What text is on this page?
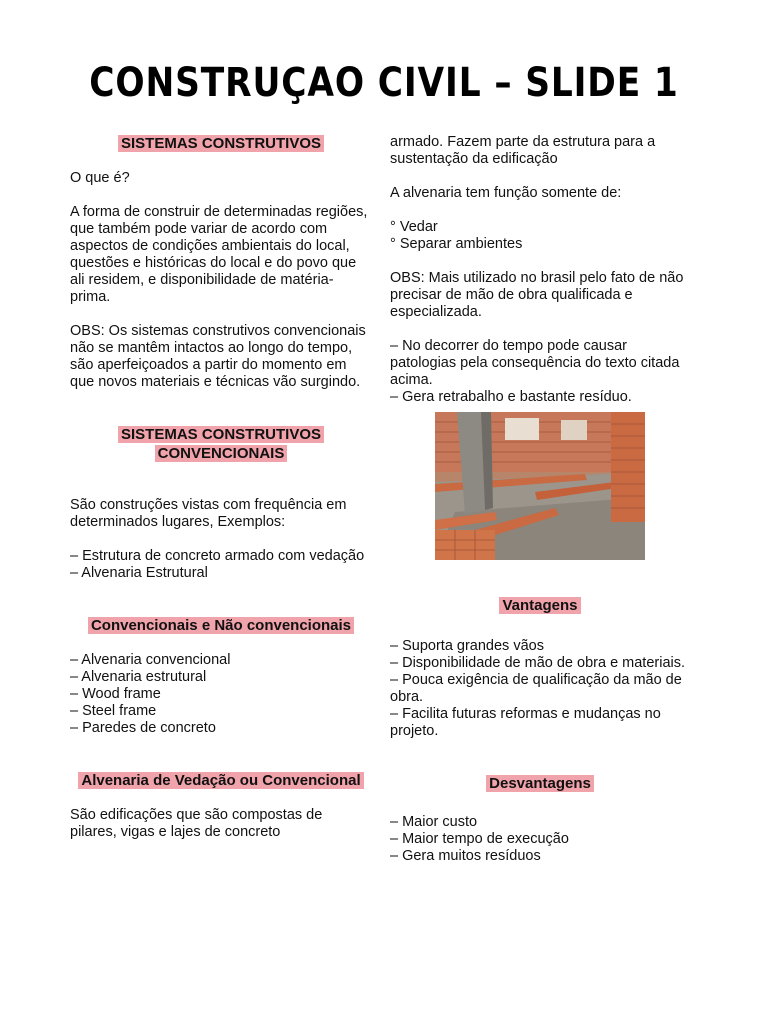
CONSTRUÇAO CIVIL – SLIDE 1
SISTEMAS CONSTRUTIVOS

O que é?

A forma de construir de determinadas regiões, que também pode variar de acordo com aspectos de condições ambientais do local, questões e históricas do local e do povo que ali residem, e disponibilidade de matéria-prima.

OBS: Os sistemas construtivos convencionais não se mantêm intactos ao longo do tempo, são aperfeiçoados a partir do momento em que novos materiais e técnicas vão surgindo.

SISTEMAS CONSTRUTIVOS CONVENCIONAIS

São construções vistas com frequência em determinados lugares, Exemplos:

– Estrutura de concreto armado com vedação

– Alvenaria Estrutural

Convencionais e Não convencionais

– Alvenaria convencional

– Alvenaria estrutural

– Wood frame

– Steel frame

– Paredes de concreto

Alvenaria de Vedação ou Convencional

São edificações que são compostas de pilares, vigas e lajes de concreto

armado. Fazem parte da estrutura para a sustentação da edificação

A alvenaria tem função somente de:

° Vedar

° Separar ambientes

OBS: Mais utilizado no brasil pelo fato de não precisar de mão de obra qualificada e especializada.

– No decorrer do tempo pode causar patologias pela consequência do texto citada acima.

– Gera retrabalho e bastante resíduo.

Vantagens

– Suporta grandes vãos

– Disponibilidade de mão de obra e materiais.

– Pouca exigência de qualificação da mão de obra.

– Facilita futuras reformas e mudanças no projeto.

Desvantagens

– Maior custo

– Maior tempo de execução

– Gera muitos resíduos
